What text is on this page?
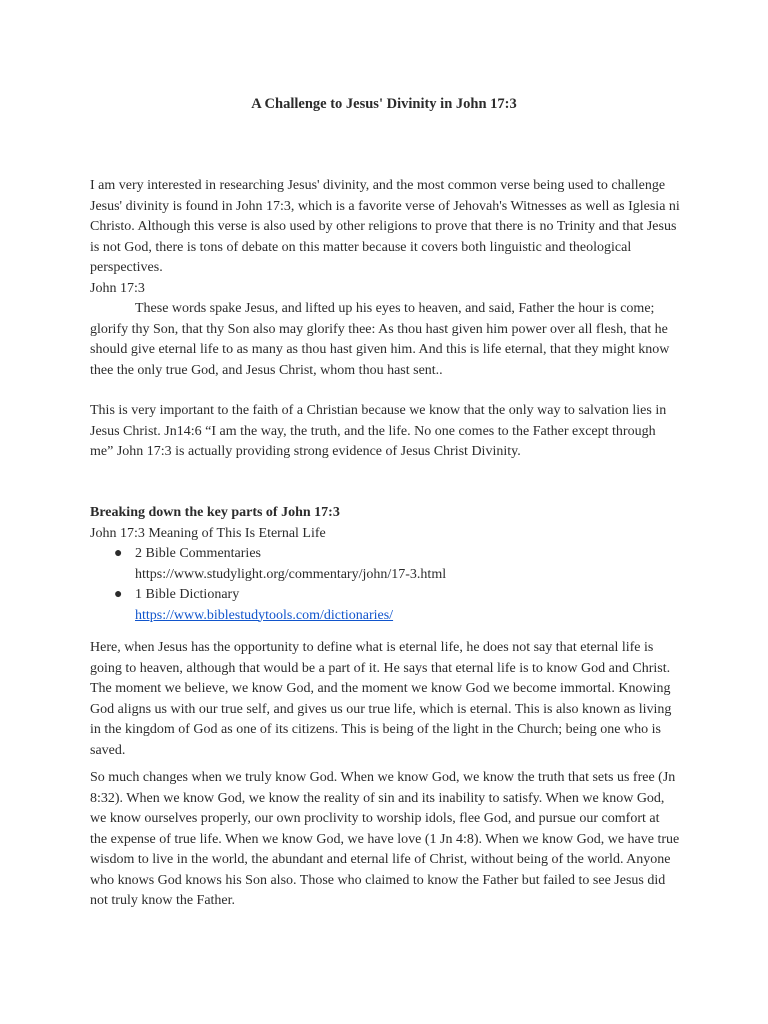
A Challenge to Jesus' Divinity in John 17:3

I am very interested in researching Jesus' divinity, and the most common verse being used to challenge Jesus' divinity is found in John 17:3, which is a favorite verse of Jehovah's Witnesses as well as Iglesia ni Christo. Although this verse is also used by other religions to prove that there is no Trinity and that Jesus is not God, there is tons of debate on this matter because it covers both linguistic and theological perspectives.

John 17:3

These words spake Jesus, and lifted up his eyes to heaven, and said, Father the hour is come; glorify thy Son, that thy Son also may glorify thee: As thou hast given him power over all flesh, that he should give eternal life to as many as thou hast given him. And this is life eternal, that they might know thee the only true God, and Jesus Christ, whom thou hast sent..

This is very important to the faith of a Christian because we know that the only way to salvation lies in Jesus Christ. Jn14:6 “I am the way, the truth, and the life. No one comes to the Father except through me” John 17:3 is actually providing strong evidence of Jesus Christ Divinity.

Breaking down the key parts of John 17:3

John 17:3 Meaning of This Is Eternal Life

● 2 Bible Commentaries
https://www.studylight.org/commentary/john/17-3.html
● 1 Bible Dictionary
https://www.biblestudytools.com/dictionaries/

Here, when Jesus has the opportunity to define what is eternal life, he does not say that eternal life is going to heaven, although that would be a part of it. He says that eternal life is to know God and Christ. The moment we believe, we know God, and the moment we know God we become immortal. Knowing God aligns us with our true self, and gives us our true life, which is eternal. This is also known as living in the kingdom of God as one of its citizens. This is being of the light in the Church; being one who is saved.

So much changes when we truly know God. When we know God, we know the truth that sets us free (Jn 8:32). When we know God, we know the reality of sin and its inability to satisfy. When we know God, we know ourselves properly, our own proclivity to worship idols, flee God, and pursue our comfort at the expense of true life. When we know God, we have love (1 Jn 4:8). When we know God, we have true wisdom to live in the world, the abundant and eternal life of Christ, without being of the world. Anyone who knows God knows his Son also. Those who claimed to know the Father but failed to see Jesus did not truly know the Father.
